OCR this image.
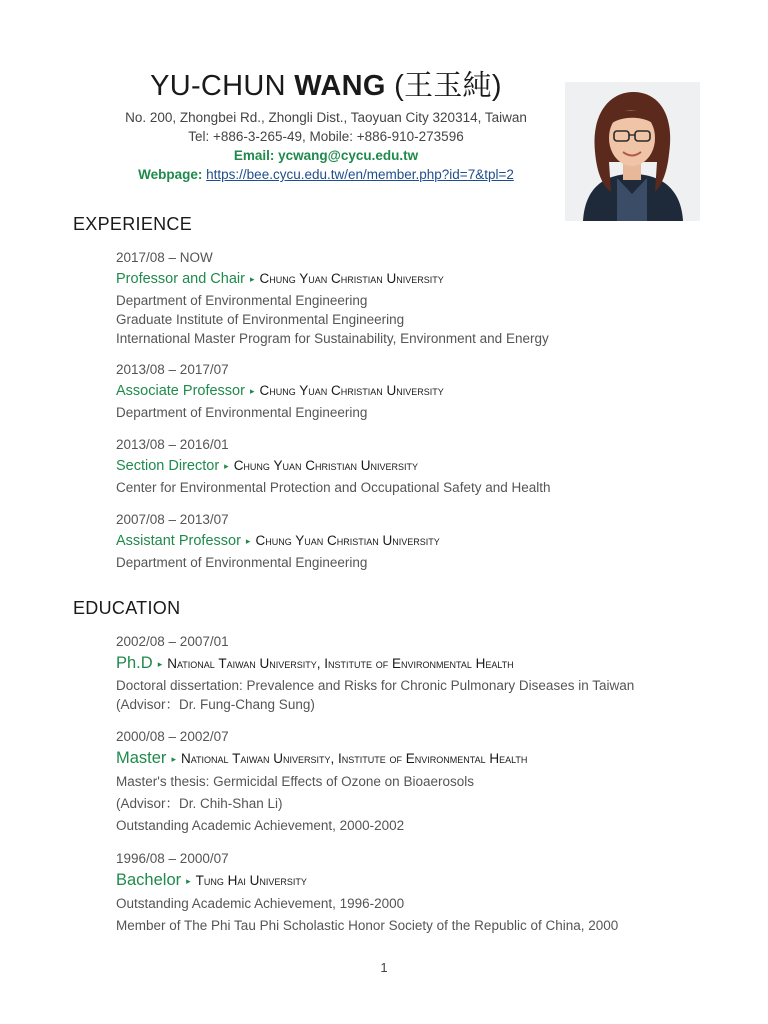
YU-CHUN WANG (王玉純)
No. 200, Zhongbei Rd., Zhongli Dist., Taoyuan City 320314, Taiwan
Tel: +886-3-265-49, Mobile: +886-910-273596
Email: ycwang@cycu.edu.tw
Webpage: https://bee.cycu.edu.tw/en/member.php?id=7&tpl=2
EXPERIENCE
2017/08 – NOW
Professor and Chair ▸ Chung Yuan Christian University
Department of Environmental Engineering
Graduate Institute of Environmental Engineering
International Master Program for Sustainability, Environment and Energy
2013/08 – 2017/07
Associate Professor ▸ Chung Yuan Christian University
Department of Environmental Engineering
2013/08 – 2016/01
Section Director ▸ Chung Yuan Christian University
Center for Environmental Protection and Occupational Safety and Health
2007/08 – 2013/07
Assistant Professor ▸ Chung Yuan Christian University
Department of Environmental Engineering
EDUCATION
2002/08 – 2007/01
Ph.D ▸ National Taiwan University, Institute of Environmental Health
Doctoral dissertation: Prevalence and Risks for Chronic Pulmonary Diseases in Taiwan
(Advisor：Dr. Fung-Chang Sung)
2000/08 – 2002/07
Master ▸ National Taiwan University, Institute of Environmental Health
Master's thesis: Germicidal Effects of Ozone on Bioaerosols
(Advisor：Dr. Chih-Shan Li)
Outstanding Academic Achievement, 2000-2002
1996/08 – 2000/07
Bachelor ▸ Tung Hai University
Outstanding Academic Achievement, 1996-2000
Member of The Phi Tau Phi Scholastic Honor Society of the Republic of China, 2000
1
